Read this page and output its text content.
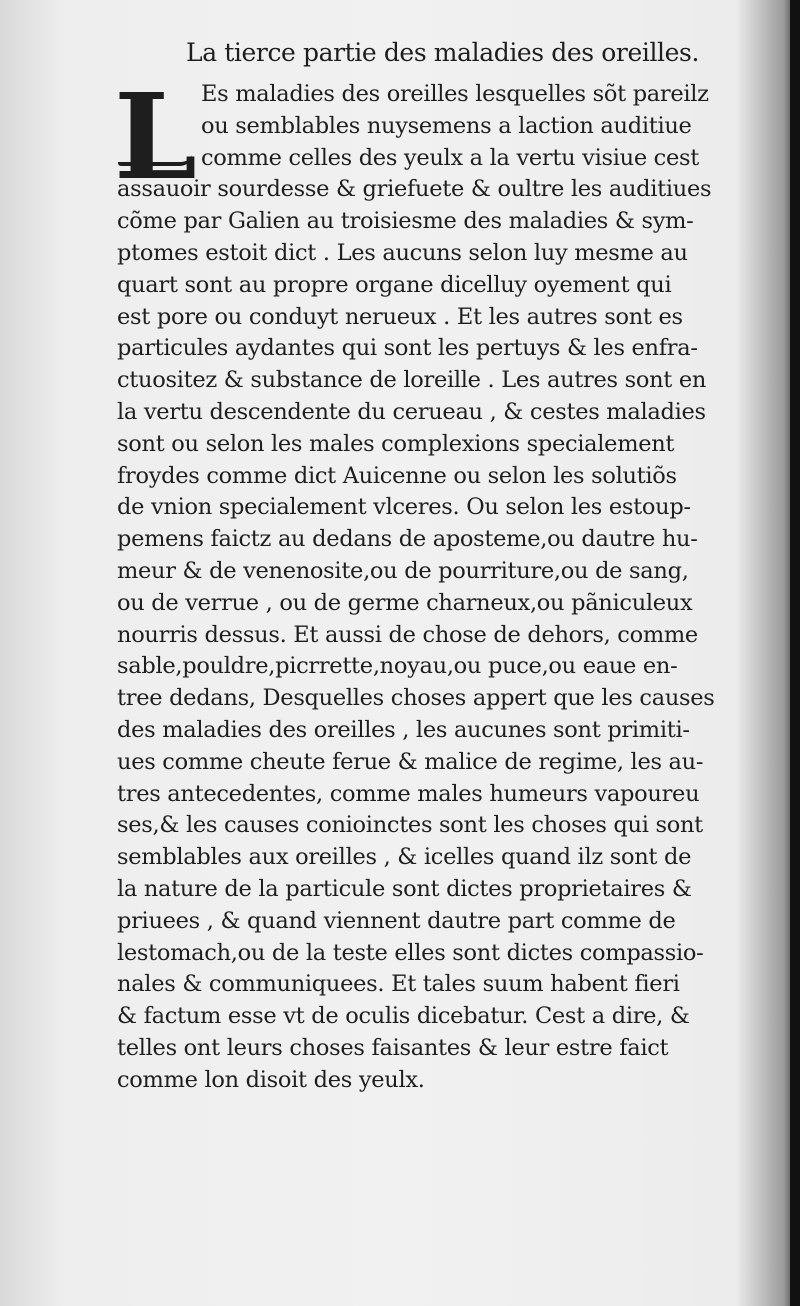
La tierce partie des maladies des oreilles.
L Es maladies des oreilles lesquelles sõt pareilz
ou semblables nuysemens a laction auditiue
comme celles des yeulx a la vertu visiue cest
assauoir sourdesse & griefuete & oultre les auditiues
cõme par Galien au troisiesme des maladies & sym-
ptomes estoit dict . Les aucuns selon luy mesme au
quart sont au propre organe dicelluy oyement qui
est pore ou conduyt nerueux . Et les autres sont es
particules aydantes qui sont les pertuys & les enfra-
ctuositez & substance de loreille . Les autres sont en
la vertu descendente du cerueau , & cestes maladies
sont ou selon les males complexions specialement
froydes comme dict Auicenne ou selon les solutiõs
de vnion specialement vlceres. Ou selon les estoup-
pemens faictz au dedans de aposteme,ou dautre hu-
meur & de venenosite,ou de pourriture,ou de sang,
ou de verrue , ou de germe charneux,ou pãniculeux
nourris dessus. Et aussi de chose de dehors, comme
sable,pouldre,picrrette,noyau,ou puce,ou eaue en-
tree dedans, Desquelles choses appert que les causes
des maladies des oreilles , les aucunes sont primiti-
ues comme cheute ferue & malice de regime, les au-
tres antecedentes, comme males humeurs vapoureu
ses,& les causes conioinctes sont les choses qui sont
semblables aux oreilles , & icelles quand ilz sont de
la nature de la particule sont dictes proprietaires &
priuees , & quand viennent dautre part comme de
lestomach,ou de la teste elles sont dictes compassio-
nales & communiquees. Et tales suum habent fieri
& factum esse vt de oculis dicebatur. Cest a dire, &
telles ont leurs choses faisantes & leur estre faict
comme lon disoit des yeulx.
